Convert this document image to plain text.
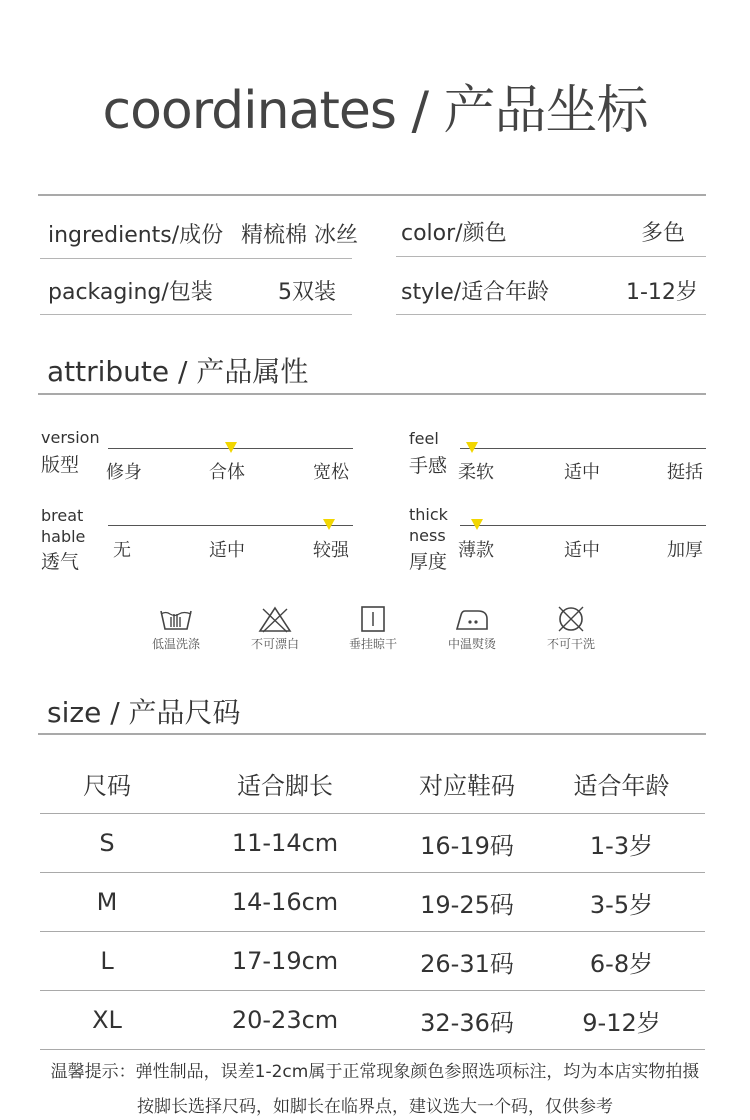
coordinates / 产品坐标
ingredients/成份 精梳棉 冰丝 color/颜色	多色
packaging/包装	5双装	style/适合年龄	1-12岁
attribute / 产品属性
version
版型 修身	合体	宽松
feel
手感 柔软	适中	挺括
breat
hable
透气
无	适中	较强
thick
ness
厚度
薄款	适中	加厚
低温洗涤	不可漂白	垂挂晾干	中温熨烫	不可干洗
size / 产品尺码
尺码	适合脚长	对应鞋码	适合年龄
S	11-14cm	16-19码	1-3岁
M	14-16cm	19-25码	3-5岁
L	17-19cm	26-31码	6-8岁
XL	20-23cm	32-36码	9-12岁
温馨提示：弹性制品，误差1-2cm属于正常现象颜色参照选项标注，均为本店实物拍摄
按脚长选择尺码，如脚长在临界点，建议选大一个码，仅供参考
